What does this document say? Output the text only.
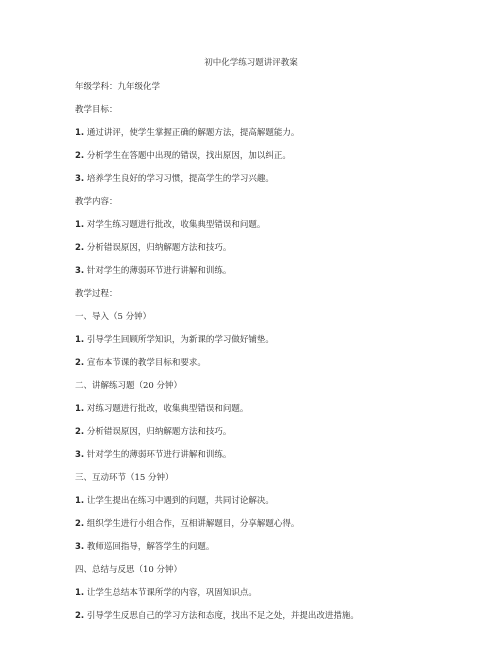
初中化学练习题讲评教案
年级学科：九年级化学
教学目标：
1. 通过讲评，使学生掌握正确的解题方法，提高解题能力。
2. 分析学生在答题中出现的错误，找出原因，加以纠正。
3. 培养学生良好的学习习惯，提高学生的学习兴趣。
教学内容：
1. 对学生练习题进行批改，收集典型错误和问题。
2. 分析错误原因，归纳解题方法和技巧。
3. 针对学生的薄弱环节进行讲解和训练。
教学过程：
一、导入（5 分钟）
1. 引导学生回顾所学知识，为新课的学习做好铺垫。
2. 宣布本节课的教学目标和要求。
二、讲解练习题（20 分钟）
1. 对练习题进行批改，收集典型错误和问题。
2. 分析错误原因，归纳解题方法和技巧。
3. 针对学生的薄弱环节进行讲解和训练。
三、互动环节（15 分钟）
1. 让学生提出在练习中遇到的问题，共同讨论解决。
2. 组织学生进行小组合作，互相讲解题目，分享解题心得。
3. 教师巡回指导，解答学生的问题。
四、总结与反思（10 分钟）
1. 让学生总结本节课所学的内容，巩固知识点。
2. 引导学生反思自己的学习方法和态度，找出不足之处，并提出改进措施。
